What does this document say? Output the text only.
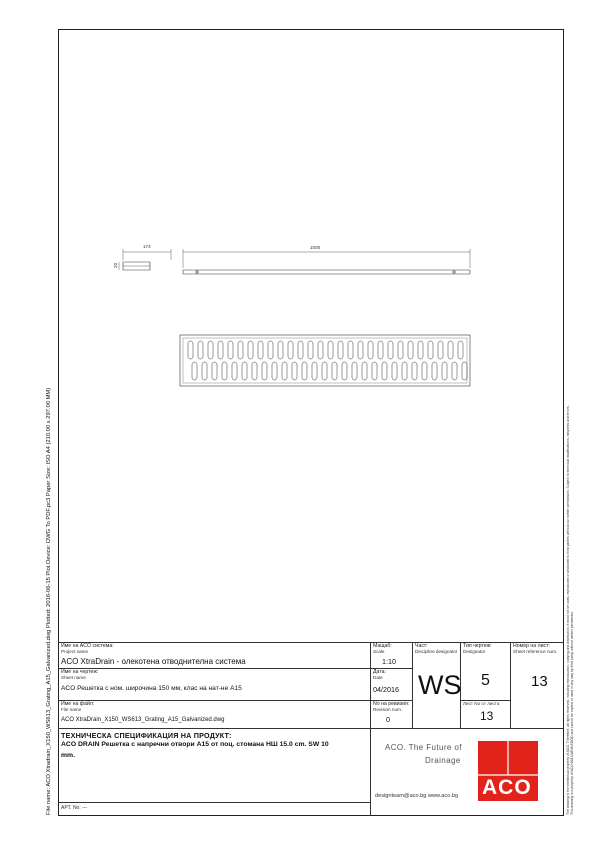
File name: ACO Xtradrain_X150_WS613_Grating_A15_Galvanized.dwg Plotted: 2016-06-15 Plot Device: DWG To PDF.pc3 Paper Size: ISO A4 (210.00 x 297.00 MM)	The drawing is the intellectual property of ACO. Therefore, all rights reserved, including reproduction, copying and distribution. It must not be used, reproduced or disclosed to third parties without our written permission. Subject to technical modifications, misprints and errors. This drawing is a property of ACO BULGARIA EOOD and cannot be copied or used in any way by third party, without written permission.
1000
174
20
Име на ACO система:
Project name
ACO XtraDrain - олекотена отводнителна система
Име на чертеж:
Sheet name
ACO Решетка с ном. широчина 150 мм, клас на нат-не А15
Име на файл:
File name
ACO XtraDrain_X150_WS613_Grating_A15_Galvanized.dwg
Мащаб:
Scale
1:10
Дата:
Date
04/2016
No на ревизия:
Revision num.
0
Част:
Discipline designator
WS
Тип чертеж:
Designator
5
Лист No от листа
13
Номер на лист:
Sheet reference num.
13
ТЕХНИЧЕСКА СПЕЦИФИКАЦИЯ НА ПРОДУКТ:
ACO DRAIN Решетка с напречни отвори A15 от поц. стомана НШ 15.0 cm. SW 10
mm.
APT. No: ---
ACO. The Future of
Drainage
designteam@aco.bg www.aco.bg ACO
